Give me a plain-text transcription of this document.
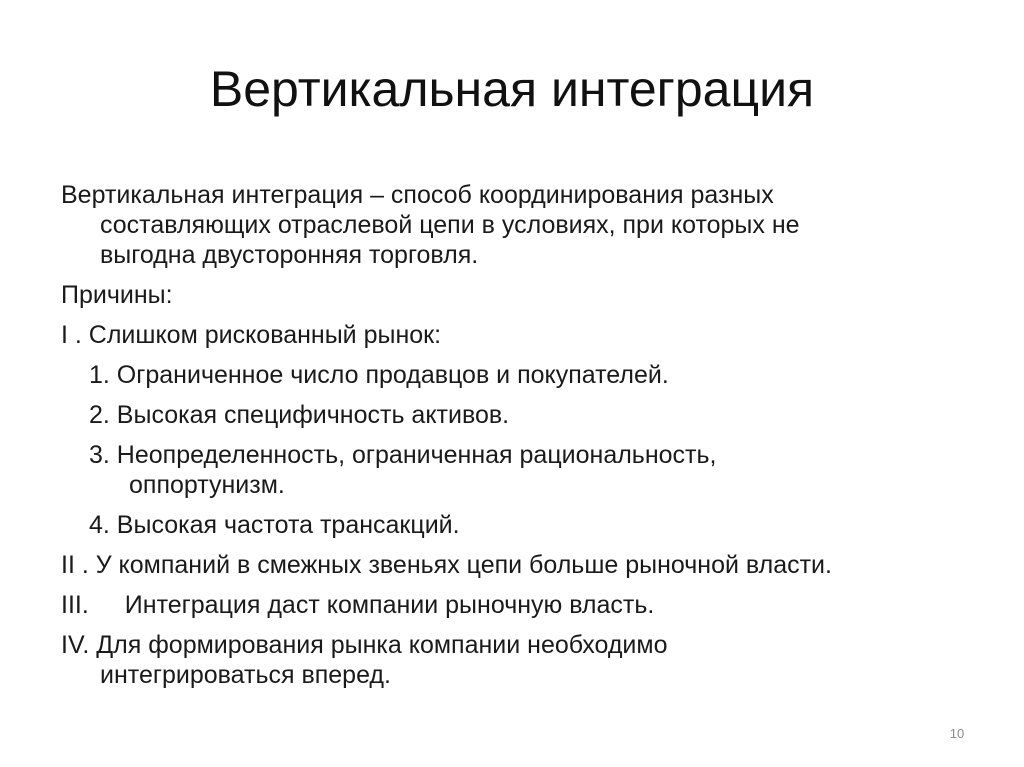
Вертикальная интеграция
Вертикальная интеграция – способ координирования разных
составляющих отраслевой цепи в условиях, при которых не
выгодна двусторонняя торговля.
Причины:
I . Слишком рискованный рынок:
1. Ограниченное число продавцов и покупателей.
2. Высокая специфичность активов.
3. Неопределенность, ограниченная рациональность,
оппортунизм.
4. Высокая частота трансакций.
II . У компаний в смежных звеньях цепи больше рыночной власти.
III. Интеграция даст компании рыночную власть.
IV. Для формирования рынка компании необходимо
интегрироваться вперед.
10
